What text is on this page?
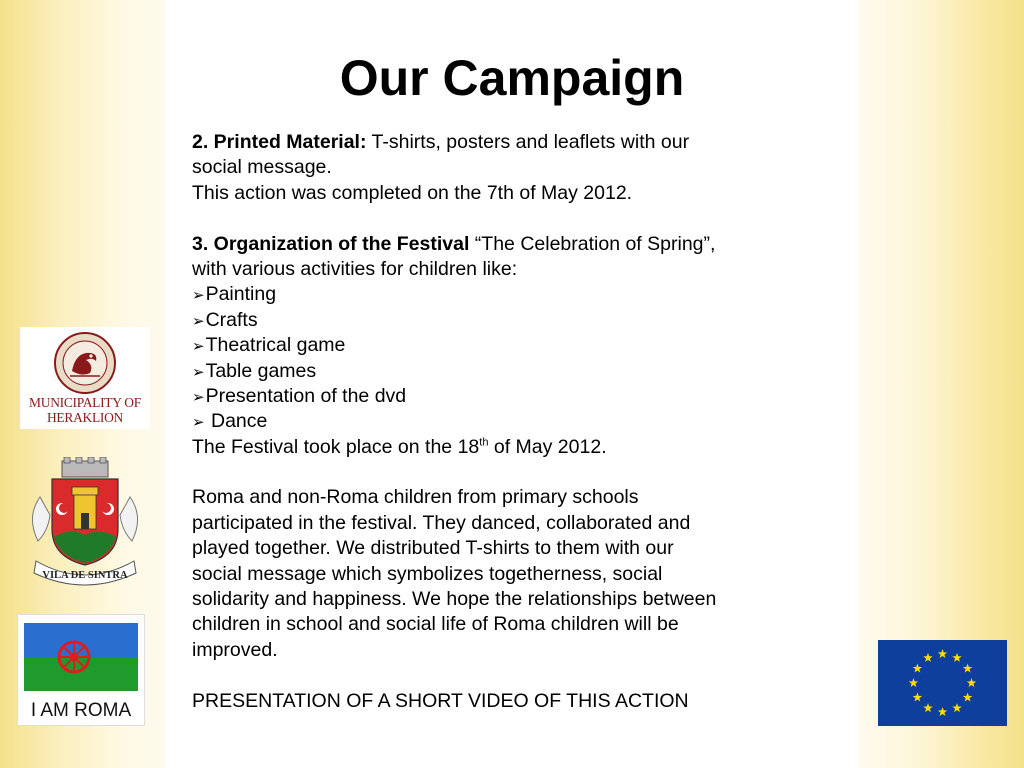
Our Campaign
2. Printed Material: T-shirts, posters and leaflets with our
social message.
This action was completed on the 7th of May 2012.
3. Organization of the Festival “The Celebration of Spring”,
with various activities for children like:
➢Painting
➢Crafts
➢Theatrical game
➢Table games
➢Presentation of the dvd
➢ Dance
The Festival took place on the 18th of May 2012.
Roma and non-Roma children from primary schools
participated in the festival. They danced, collaborated and
played together. We distributed T-shirts to them with our
social message which symbolizes togetherness, social
solidarity and happiness. We hope the relationships between
children in school and social life of Roma children will be
improved.
PRESENTATION OF A SHORT VIDEO OF THIS ACTION
MUNICIPALITY OF
HERAKLION
VILA DE SINTRA
I AM ROMA
